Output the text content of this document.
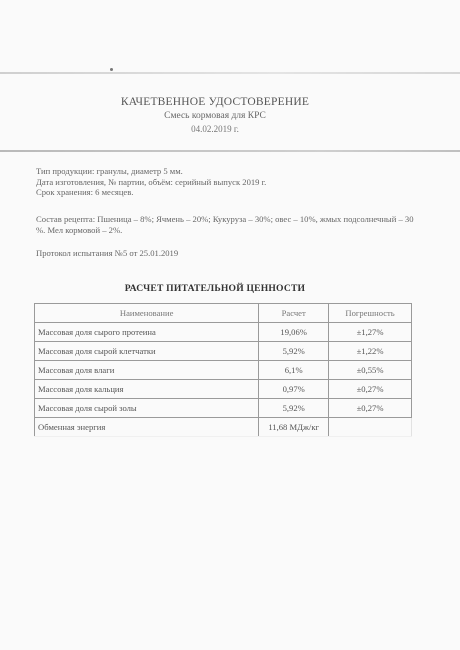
КАЧЕТВЕННОЕ УДОСТОВЕРЕНИЕ
Смесь кормовая для КРС
04.02.2019 г.

Тип продукции: гранулы, диаметр 5 мм.

Дата изготовления, № партии, объём: серийный выпуск 2019 г.

Срок хранения: 6 месяцев.

Состав рецепта: Пшеница – 8%; Ячмень – 20%; Кукуруза – 30%; овес – 10%, жмых подсолнечный – 30 %. Мел кормовой – 2%.

Протокол испытания №5 от 25.01.2019

РАСЧЕТ ПИТАТЕЛЬНОЙ ЦЕННОСТИ
Наименование	Расчет	Погрешность
Массовая доля сырого протеина	19,06%	±1,27%
Массовая доля сырой клетчатки	5,92%	±1,22%
Массовая доля влаги	6,1%	±0,55%
Массовая доля кальция	0,97%	±0,27%
Массовая доля сырой золы	5,92%	±0,27%
Обменная энергия	11,68 МДж/кг	
